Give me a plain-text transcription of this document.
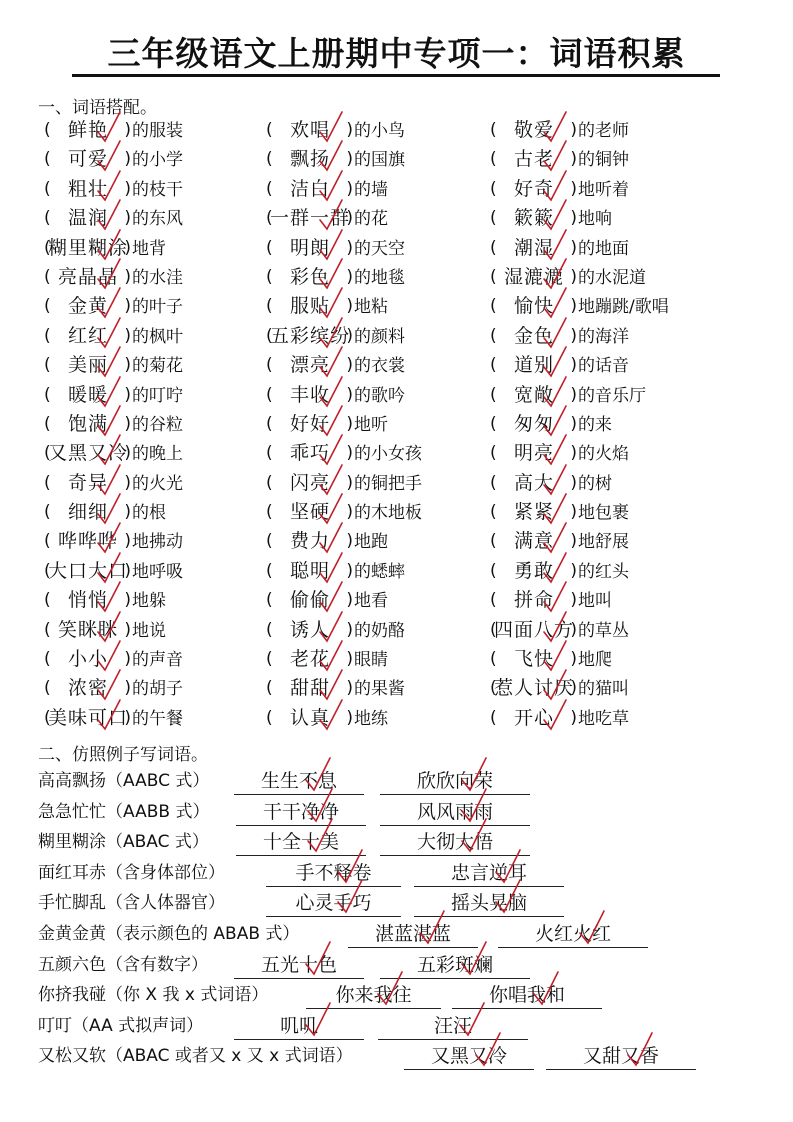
三年级语文上册期中专项一：词语积累
一、词语搭配。
( 鲜艳 ) 的服装	( 欢唱 ) 的小鸟	( 敬爱 ) 的老师
( 可爱 ) 的小学	( 飘扬 ) 的国旗	( 古老 ) 的铜钟
( 粗壮 ) 的枝干	( 洁白 ) 的墙	( 好奇 ) 地听着
( 温润 ) 的东风	( 一群一群 ) 的花	( 簌簌 ) 地响
( 糊里糊涂 ) 地背	( 明朗 ) 的天空	( 潮湿 ) 的地面
( 亮晶晶 ) 的水洼	( 彩色 ) 的地毯	( 湿漉漉 ) 的水泥道
( 金黄 ) 的叶子	( 服贴 ) 地粘	( 愉快 ) 地蹦跳/歌唱
( 红红 ) 的枫叶	( 五彩缤纷 ) 的颜料	( 金色 ) 的海洋
( 美丽 ) 的菊花	( 漂亮 ) 的衣裳	( 道别 ) 的话音
( 暖暖 ) 的叮咛	( 丰收 ) 的歌吟	( 宽敞 ) 的音乐厅
( 饱满 ) 的谷粒	( 好好 ) 地听	( 匆匆 ) 的来
( 又黑又冷 ) 的晚上	( 乖巧 ) 的小女孩	( 明亮 ) 的火焰
( 奇异 ) 的火光	( 闪亮 ) 的铜把手	( 高大 ) 的树
( 细细 ) 的根	( 坚硬 ) 的木地板	( 紧紧 ) 地包裹
( 哗哗哗 ) 地拂动	( 费力 ) 地跑	( 满意 ) 地舒展
( 大口大口 ) 地呼吸	( 聪明 ) 的蟋蟀	( 勇敢 ) 的红头
( 悄悄 ) 地躲	( 偷偷 ) 地看	( 拼命 ) 地叫
( 笑眯眯 ) 地说	( 诱人 ) 的奶酪	( 四面八方 ) 的草丛
( 小小 ) 的声音	( 老花 ) 眼睛	( 飞快 ) 地爬
( 浓密 ) 的胡子	( 甜甜 ) 的果酱	( 惹人讨厌 ) 的猫叫
( 美味可口 ) 的午餐	( 认真 ) 地练	( 开心 ) 地吃草
二、仿照例子写词语。
高高飘扬（AABC 式）	生生不息	欣欣向荣
急急忙忙（AABB 式）	干干净净	风风雨雨
糊里糊涂（ABAC 式）	十全十美	大彻大悟
面红耳赤（含身体部位）	手不释卷	忠言逆耳
手忙脚乱（含人体器官）	心灵手巧	摇头晃脑
金黄金黄（表示颜色的 ABAB 式）	湛蓝湛蓝	火红火红
五颜六色（含有数字）	五光十色	五彩斑斓
你挤我碰（你 X 我 x 式词语）	你来我往	你唱我和
叮叮（AA 式拟声词）	叽叽	汪汪
又松又软（ABAC 或者又 x 又 x 式词语）	又黑又冷	又甜又香
